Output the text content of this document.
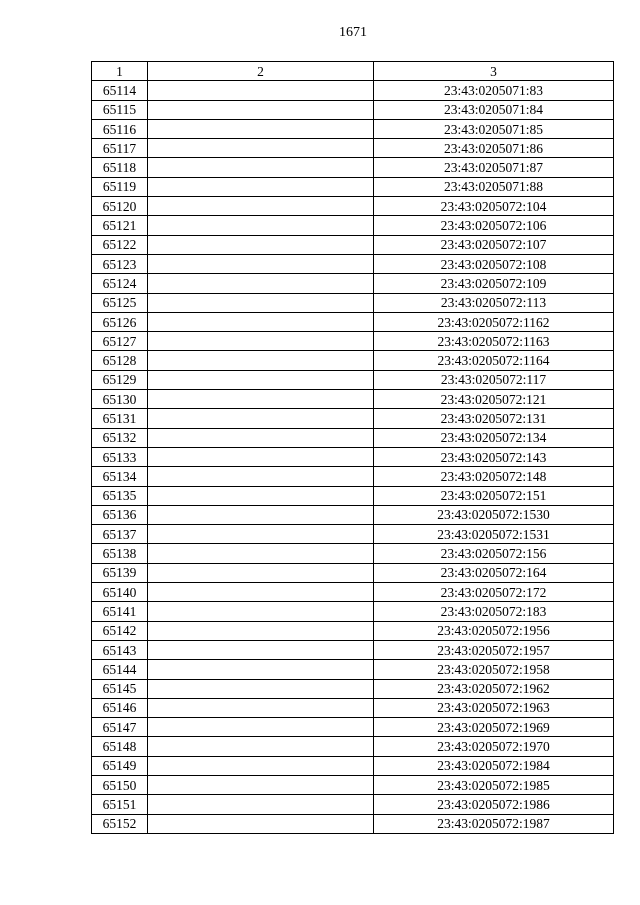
1671
1	2	3
65114		23:43:0205071:83
65115		23:43:0205071:84
65116		23:43:0205071:85
65117		23:43:0205071:86
65118		23:43:0205071:87
65119		23:43:0205071:88
65120		23:43:0205072:104
65121		23:43:0205072:106
65122		23:43:0205072:107
65123		23:43:0205072:108
65124		23:43:0205072:109
65125		23:43:0205072:113
65126		23:43:0205072:1162
65127		23:43:0205072:1163
65128		23:43:0205072:1164
65129		23:43:0205072:117
65130		23:43:0205072:121
65131		23:43:0205072:131
65132		23:43:0205072:134
65133		23:43:0205072:143
65134		23:43:0205072:148
65135		23:43:0205072:151
65136		23:43:0205072:1530
65137		23:43:0205072:1531
65138		23:43:0205072:156
65139		23:43:0205072:164
65140		23:43:0205072:172
65141		23:43:0205072:183
65142		23:43:0205072:1956
65143		23:43:0205072:1957
65144		23:43:0205072:1958
65145		23:43:0205072:1962
65146		23:43:0205072:1963
65147		23:43:0205072:1969
65148		23:43:0205072:1970
65149		23:43:0205072:1984
65150		23:43:0205072:1985
65151		23:43:0205072:1986
65152		23:43:0205072:1987
